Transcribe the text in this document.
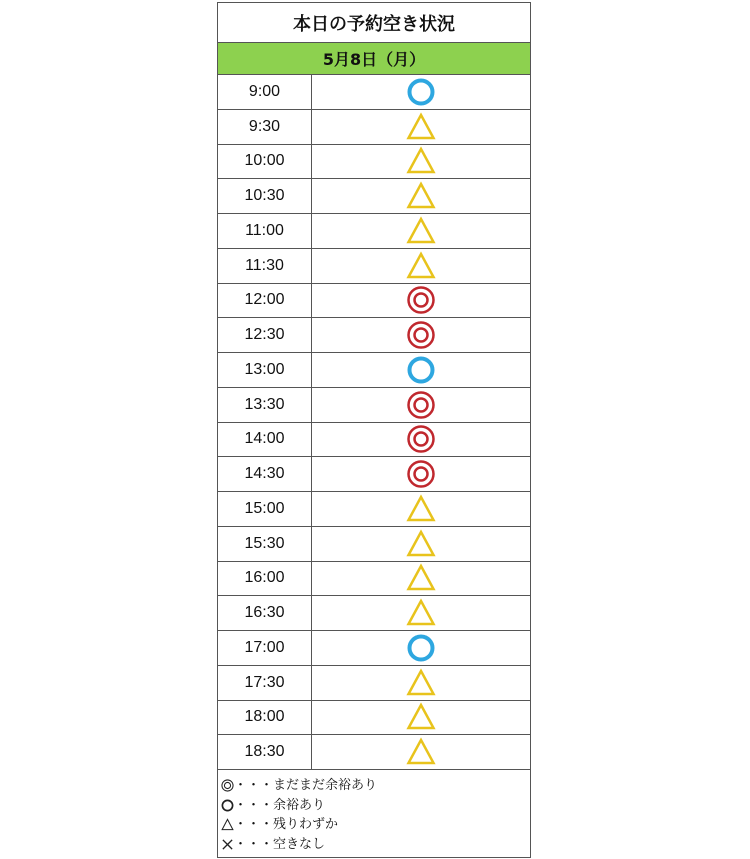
本日の予約空き状況
5月8日（月）
9:00
9:30
10:00
10:30
11:00
11:30
12:00
12:30
13:00
13:30
14:00
14:30
15:00
15:30
16:00
16:30
17:00
17:30
18:00
18:30
・・・まだまだ余裕あり
・・・余裕あり
・・・残りわずか
・・・空きなし
